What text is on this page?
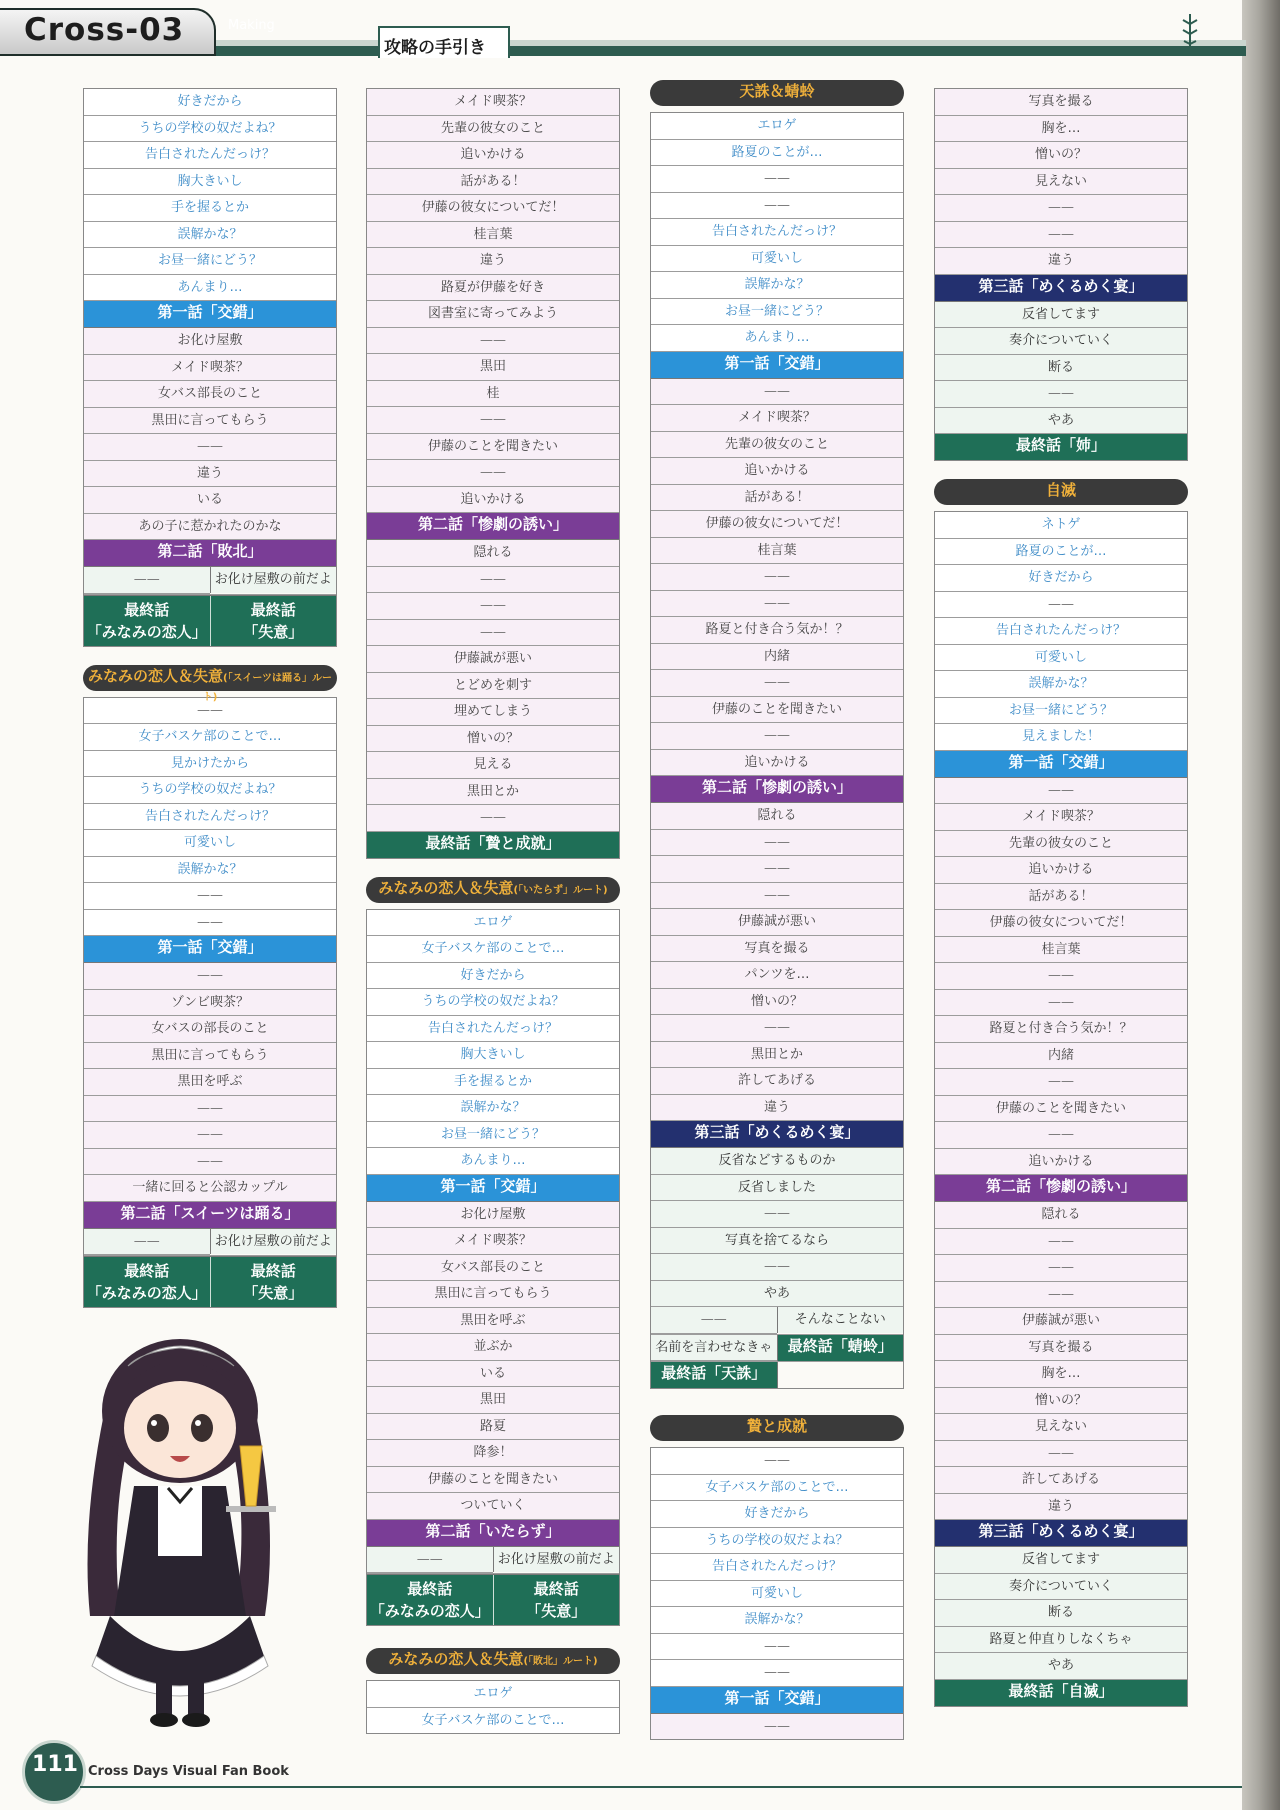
Cross-03	Making
攻略の手引き
好きだから
うちの学校の奴だよね？
告白されたんだっけ？
胸大きいし
手を握るとか
誤解かな？
お昼一緒にどう？
あんまり…
第一話「交錯」
お化け屋敷
メイド喫茶？
女バス部長のこと
黒田に言ってもらう
——
違う
いる
あの子に惹かれたのかな
第二話「敗北」
——	お化け屋敷の前だよ
最終話
「みなみの恋人」
最終話
「失意」
みなみの恋人＆失意(「スイーツは踊る」ルー
——
女子バスケ部のことで…
見かけたから
うちの学校の奴だよね？
告白されたんだっけ？
可愛いし
誤解かな？
——
——
第一話「交錯」
——
ゾンビ喫茶？
女バスの部長のこと
黒田に言ってもらう
黒田を呼ぶ
——
——
——
一緒に回ると公認カップル
第二話「スイーツは踊る」
——	お化け屋敷の前だよ
最終話
「みなみの恋人」
最終話
「失意」
メイド喫茶？
先輩の彼女のこと
追いかける
話がある！
伊藤の彼女についてだ！
桂言葉
違う
路夏が伊藤を好き
図書室に寄ってみよう
——
黒田
桂
——
伊藤のことを聞きたい
——
追いかける
第二話「惨劇の誘い」
隠れる
——
——
——
伊藤誠が悪い
とどめを刺す
埋めてしまう
憎いの？
見える
黒田とか
——
最終話「贄と成就」
みなみの恋人＆失意(「いたらず」ルート)
エロゲ
女子バスケ部のことで…
好きだから
うちの学校の奴だよね？
告白されたんだっけ？
胸大きいし
手を握るとか
誤解かな？
お昼一緒にどう？
あんまり…
第一話「交錯」
お化け屋敷
メイド喫茶？
女バス部長のこと
黒田に言ってもらう
黒田を呼ぶ
並ぶか
いる
黒田
路夏
降参！
伊藤のことを聞きたい
ついていく
第二話「いたらず」
——	お化け屋敷の前だよ
最終話
「みなみの恋人」
最終話
「失意」
みなみの恋人＆失意(「敗北」ルート)
エロゲ
女子バスケ部のことで…
天誅＆蜻蛉
エロゲ
路夏のことが…
——
——
告白されたんだっけ？
可愛いし
誤解かな？
お昼一緒にどう？
あんまり…
第一話「交錯」
——
メイド喫茶？
先輩の彼女のこと
追いかける
話がある！
伊藤の彼女についてだ！
桂言葉
——
——
路夏と付き合う気か！？
内緒
——
伊藤のことを聞きたい
——
追いかける
第二話「惨劇の誘い」
隠れる
——
——
——
伊藤誠が悪い
写真を撮る
パンツを…
憎いの？
——
黒田とか
許してあげる
違う
第三話「めくるめく宴」
反省などするものか
反省しました
——
写真を捨てるなら
——
やあ
——	そんなことない
名前を言わせなきゃ	最終話「蜻蛉」
最終話「天誅」
贄と成就
——
女子バスケ部のことで…
好きだから
うちの学校の奴だよね？
告白されたんだっけ？
可愛いし
誤解かな？
——
——
第一話「交錯」
——
写真を撮る
胸を…
憎いの？
見えない
——
——
違う
第三話「めくるめく宴」
反省してます
奏介についていく
断る
——
やあ
最終話「姉」
自滅
ネトゲ
路夏のことが…
好きだから
——
告白されたんだっけ？
可愛いし
誤解かな？
お昼一緒にどう？
見えました！
第一話「交錯」
——
メイド喫茶？
先輩の彼女のこと
追いかける
話がある！
伊藤の彼女についてだ！
桂言葉
——
——
路夏と付き合う気か！？
内緒
——
伊藤のことを聞きたい
——
追いかける
第二話「惨劇の誘い」
隠れる
——
——
——
伊藤誠が悪い
写真を撮る
胸を…
憎いの？
見えない
——
許してあげる
違う
第三話「めくるめく宴」
反省してます
奏介についていく
断る
路夏と仲直りしなくちゃ
やあ
最終話「自滅」
111 Cross Days Visual Fan Book
